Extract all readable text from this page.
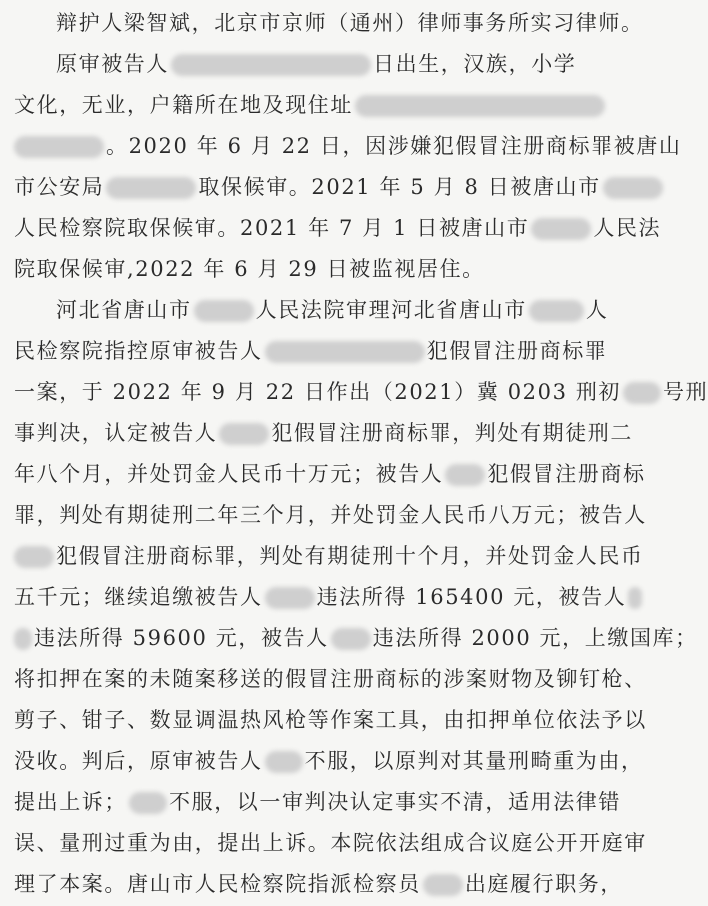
辩护人梁智斌，北京市京师（通州）律师事务所实习律师。
原审被告人	日出生，汉族，小学
文化，无业，户籍所在地及现住址
。2020 年 6 月 22 日，因涉嫌犯假冒注册商标罪被唐山
市公安局	取保候审。2021 年 5 月 8 日被唐山市
人民检察院取保候审。2021 年 7 月 1 日被唐山市	人民法
院取保候审,2022 年 6 月 29 日被监视居住。
河北省唐山市	人民法院审理河北省唐山市	人
民检察院指控原审被告人	犯假冒注册商标罪
一案，于 2022 年 9 月 22 日作出（2021）冀 0203 刑初 号刑
事判决，认定被告人	犯假冒注册商标罪，判处有期徒刑二
年八个月，并处罚金人民币十万元；被告人 犯假冒注册商标
罪，判处有期徒刑二年三个月，并处罚金人民币八万元；被告人
犯假冒注册商标罪，判处有期徒刑十个月，并处罚金人民币
五千元；继续追缴被告人	违法所得 165400 元，被告人
违法所得 59600 元，被告人 违法所得 2000 元，上缴国库；
将扣押在案的未随案移送的假冒注册商标的涉案财物及铆钉枪、
剪子、钳子、数显调温热风枪等作案工具，由扣押单位依法予以
没收。判后，原审被告人 不服，以原判对其量刑畸重为由，
提出上诉； 不服，以一审判决认定事实不清，适用法律错
误、量刑过重为由，提出上诉。本院依法组成合议庭公开开庭审
理了本案。唐山市人民检察院指派检察员 出庭履行职务，
